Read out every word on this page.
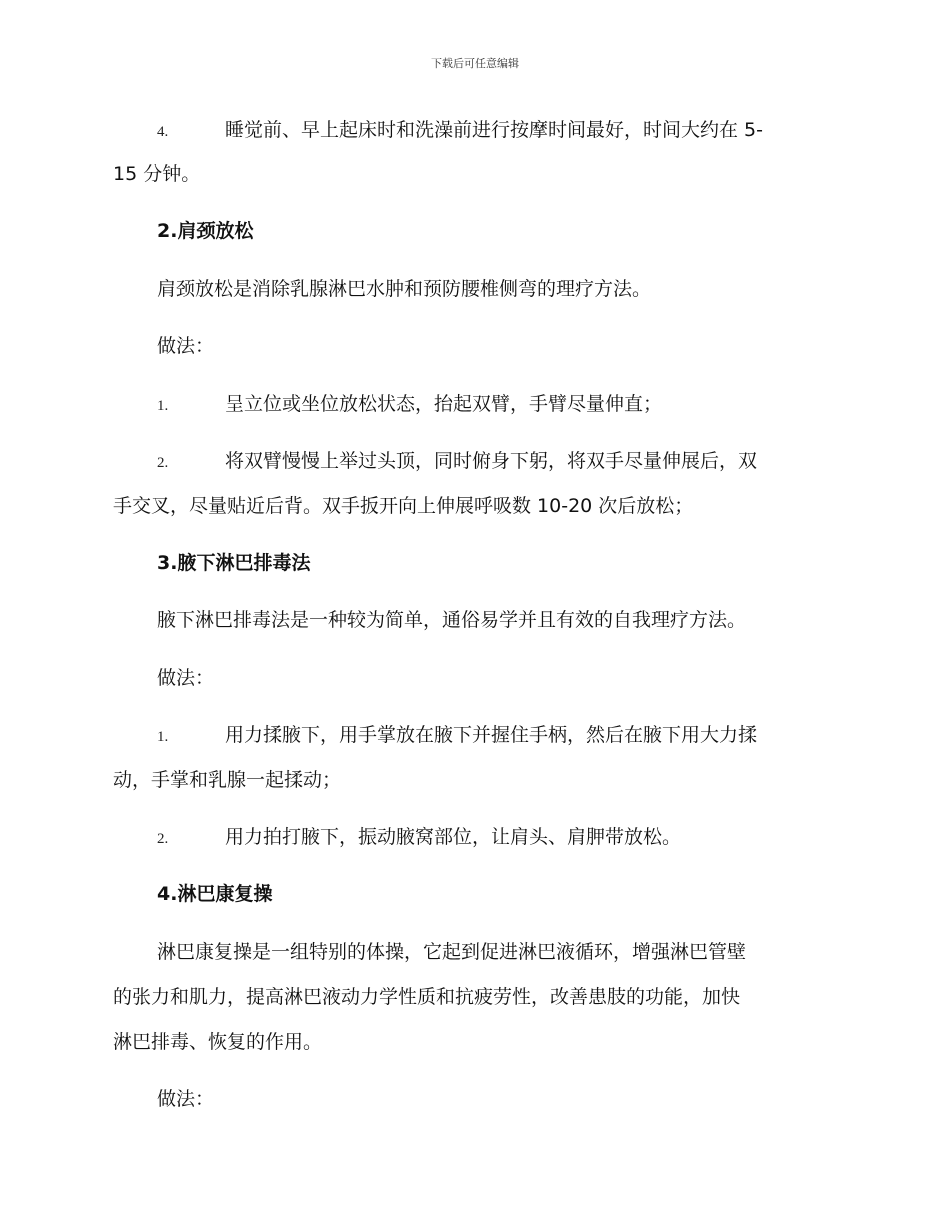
下载后可任意编辑
4.	睡觉前、早上起床时和洗澡前进行按摩时间最好，时间大约在 5-
15 分钟。
2.肩颈放松
肩颈放松是消除乳腺淋巴水肿和预防腰椎侧弯的理疗方法。
做法：
1.	呈立位或坐位放松状态，抬起双臂，手臂尽量伸直；
2.	将双臂慢慢上举过头顶，同时俯身下躬，将双手尽量伸展后，双
手交叉，尽量贴近后背。双手扳开向上伸展呼吸数 10-20 次后放松；
3.腋下淋巴排毒法
腋下淋巴排毒法是一种较为简单，通俗易学并且有效的自我理疗方法。
做法：
1.	用力揉腋下，用手掌放在腋下并握住手柄，然后在腋下用大力揉
动，手掌和乳腺一起揉动；
2.	用力拍打腋下，振动腋窝部位，让肩头、肩胛带放松。
4.淋巴康复操
淋巴康复操是一组特别的体操，它起到促进淋巴液循环，增强淋巴管壁
的张力和肌力，提高淋巴液动力学性质和抗疲劳性，改善患肢的功能，加快
淋巴排毒、恢复的作用。
做法：
